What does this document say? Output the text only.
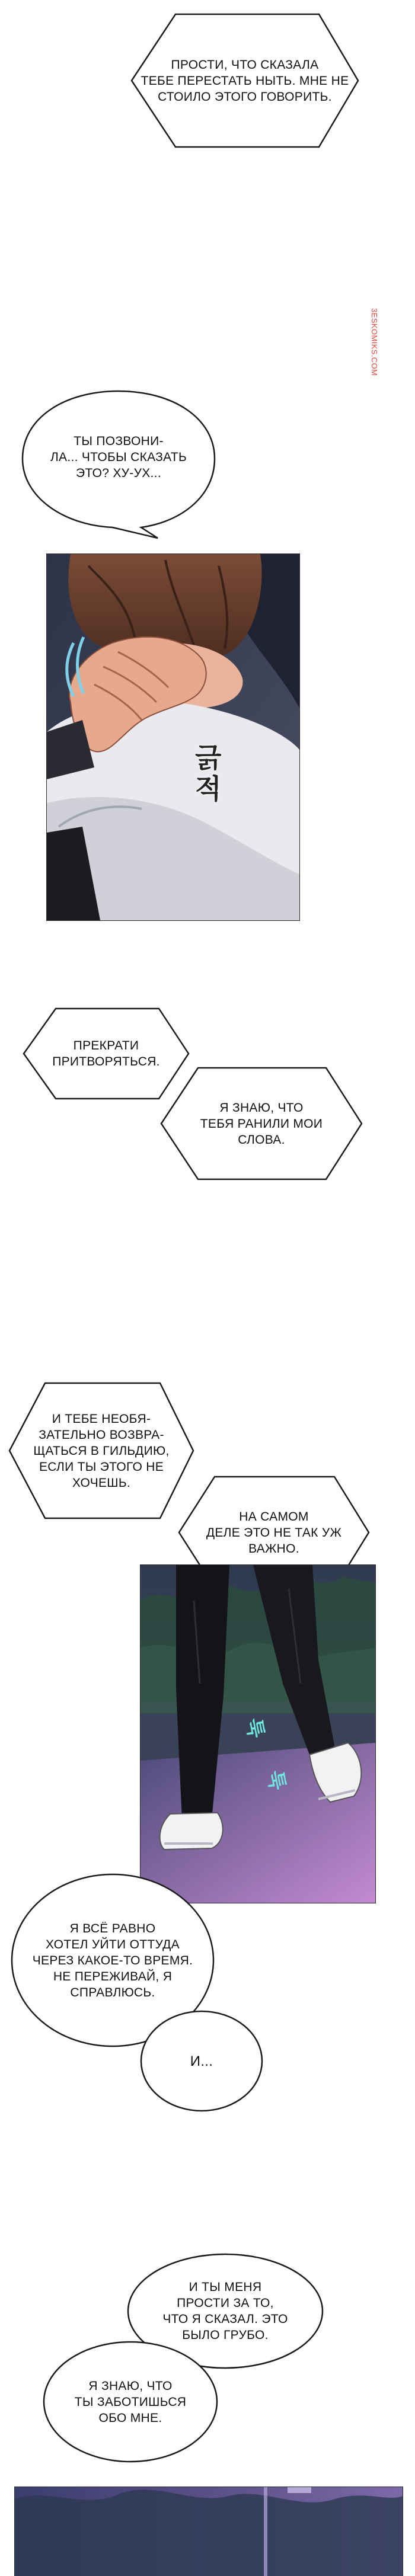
3ESKOMIKS.COM
ПРОСТИ, ЧТО СКАЗАЛА
ТЕБЕ ПЕРЕСТАТЬ НЫТЬ. МНЕ НЕ
СТОИЛО ЭТОГО ГОВОРИТЬ.
ТЫ ПОЗВОНИ-
ЛА... ЧТОБЫ СКАЗАТЬ
ЭТО? ХУ-УХ...
긁적
ПРЕКРАТИ
ПРИТВОРЯТЬСЯ.
Я ЗНАЮ, ЧТО
ТЕБЯ РАНИЛИ МОИ
СЛОВА.
И ТЕБЕ НЕОБЯ-
ЗАТЕЛЬНО ВОЗВРА-
ЩАТЬСЯ В ГИЛЬДИЮ,
ЕСЛИ ТЫ ЭТОГО НЕ
ХОЧЕШЬ.
НА САМОМ
ДЕЛЕ ЭТО НЕ ТАК УЖ
ВАЖНО.
툭
툭
Я ВСЁ РАВНО
ХОТЕЛ УЙТИ ОТТУДА
ЧЕРЕЗ КАКОЕ-ТО ВРЕМЯ.
НЕ ПЕРЕЖИВАЙ, Я
СПРАВЛЮСЬ.
И...
И ТЫ МЕНЯ
ПРОСТИ ЗА ТО,
ЧТО Я СКАЗАЛ. ЭТО
БЫЛО ГРУБО.
Я ЗНАЮ, ЧТО
ТЫ ЗАБОТИШЬСЯ
ОБО МНЕ.
